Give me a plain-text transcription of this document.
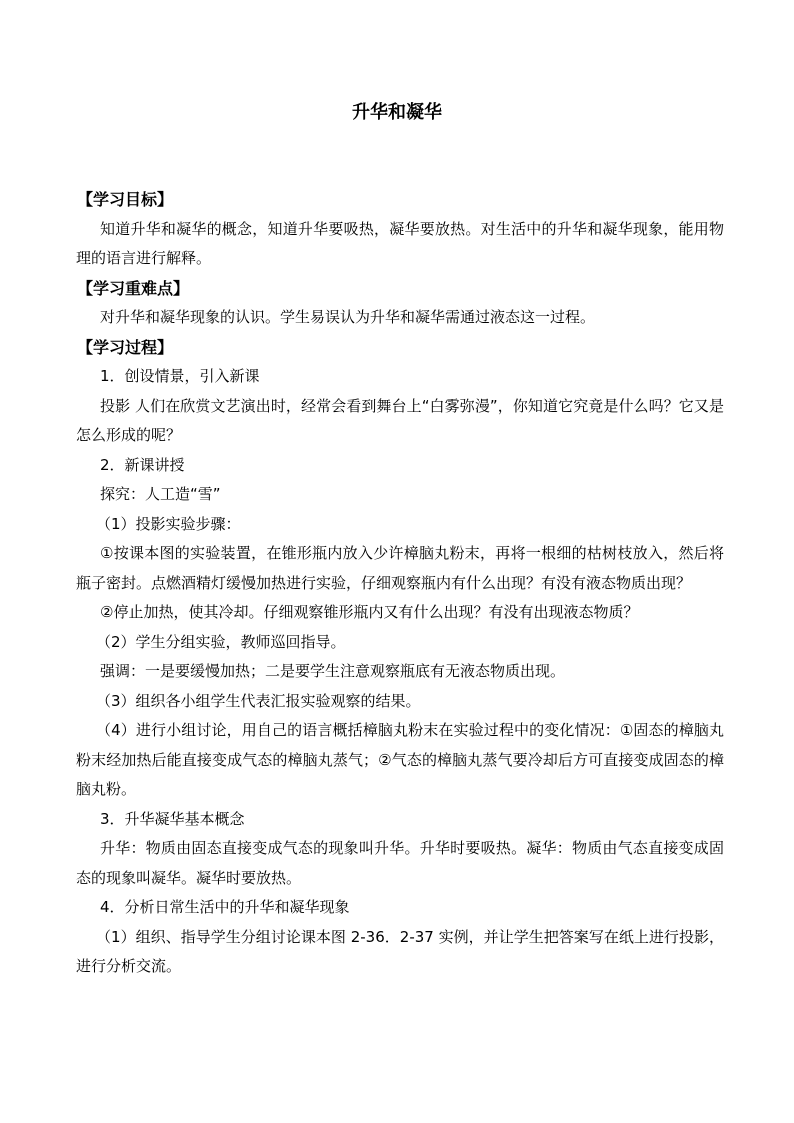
升华和凝华
【学习目标】

知道升华和凝华的概念，知道升华要吸热，凝华要放热。对生活中的升华和凝华现象，能用物理的语言进行解释。

【学习重难点】

对升华和凝华现象的认识。学生易误认为升华和凝华需通过液态这一过程。

【学习过程】

1．创设情景，引入新课

投影 人们在欣赏文艺演出时，经常会看到舞台上“白雾弥漫”，你知道它究竟是什么吗？它又是怎么形成的呢？

2．新课讲授

探究：人工造“雪”

（1）投影实验步骤：

①按课本图的实验装置，在锥形瓶内放入少许樟脑丸粉末，再将一根细的枯树枝放入，然后将瓶子密封。点燃酒精灯缓慢加热进行实验，仔细观察瓶内有什么出现？有没有液态物质出现？

②停止加热，使其冷却。仔细观察锥形瓶内又有什么出现？有没有出现液态物质？

（2）学生分组实验，教师巡回指导。

强调：一是要缓慢加热；二是要学生注意观察瓶底有无液态物质出现。

（3）组织各小组学生代表汇报实验观察的结果。

（4）进行小组讨论，用自己的语言概括樟脑丸粉末在实验过程中的变化情况：①固态的樟脑丸粉末经加热后能直接变成气态的樟脑丸蒸气；②气态的樟脑丸蒸气要冷却后方可直接变成固态的樟脑丸粉。

3．升华凝华基本概念

升华：物质由固态直接变成气态的现象叫升华。升华时要吸热。凝华：物质由气态直接变成固态的现象叫凝华。凝华时要放热。

4．分析日常生活中的升华和凝华现象

（1）组织、指导学生分组讨论课本图 2-36．2-37 实例，并让学生把答案写在纸上进行投影，进行分析交流。
